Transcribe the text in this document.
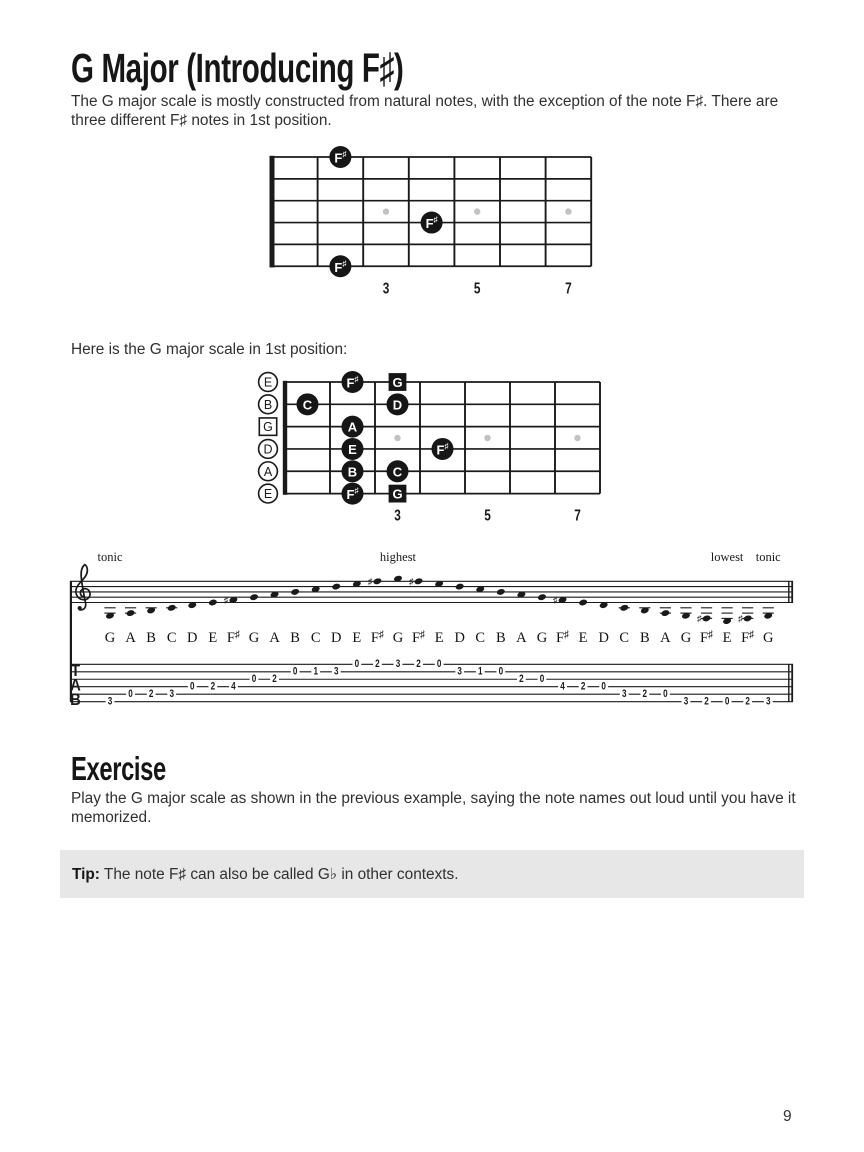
G Major (Introducing F♯)
The G major scale is mostly constructed from natural notes, with the exception of the note F♯. There are three different F♯ notes in 1st position.
3	5	7
F♯
F♯
F♯
Here is the G major scale in 1st position:
3	5	7
E
B
G
D
A
E
F♯	G
C	D
A
E	F♯
B	C
F♯	G
tonic	highest	lowest tonic
G
3
A
0
B
2
C
3
D
0
E
2
♯
F♯
4
G
0
A
2
B
0
C
1
D
3
E
0
♯
F♯
2
G
3
♯
F♯
2
E
0
D
3
C
1
B
0
A
2
G
0
♯
F♯
4
E
2
D
0
C
3
B
2
A
0
G
3
♯
F♯
2
E
0
♯
F♯
2
G
3
T
A
B
Exercise
Play the G major scale as shown in the previous example, saying the note names out loud until you have it memorized.
Tip: The note F♯ can also be called G♭ in other contexts.
9
